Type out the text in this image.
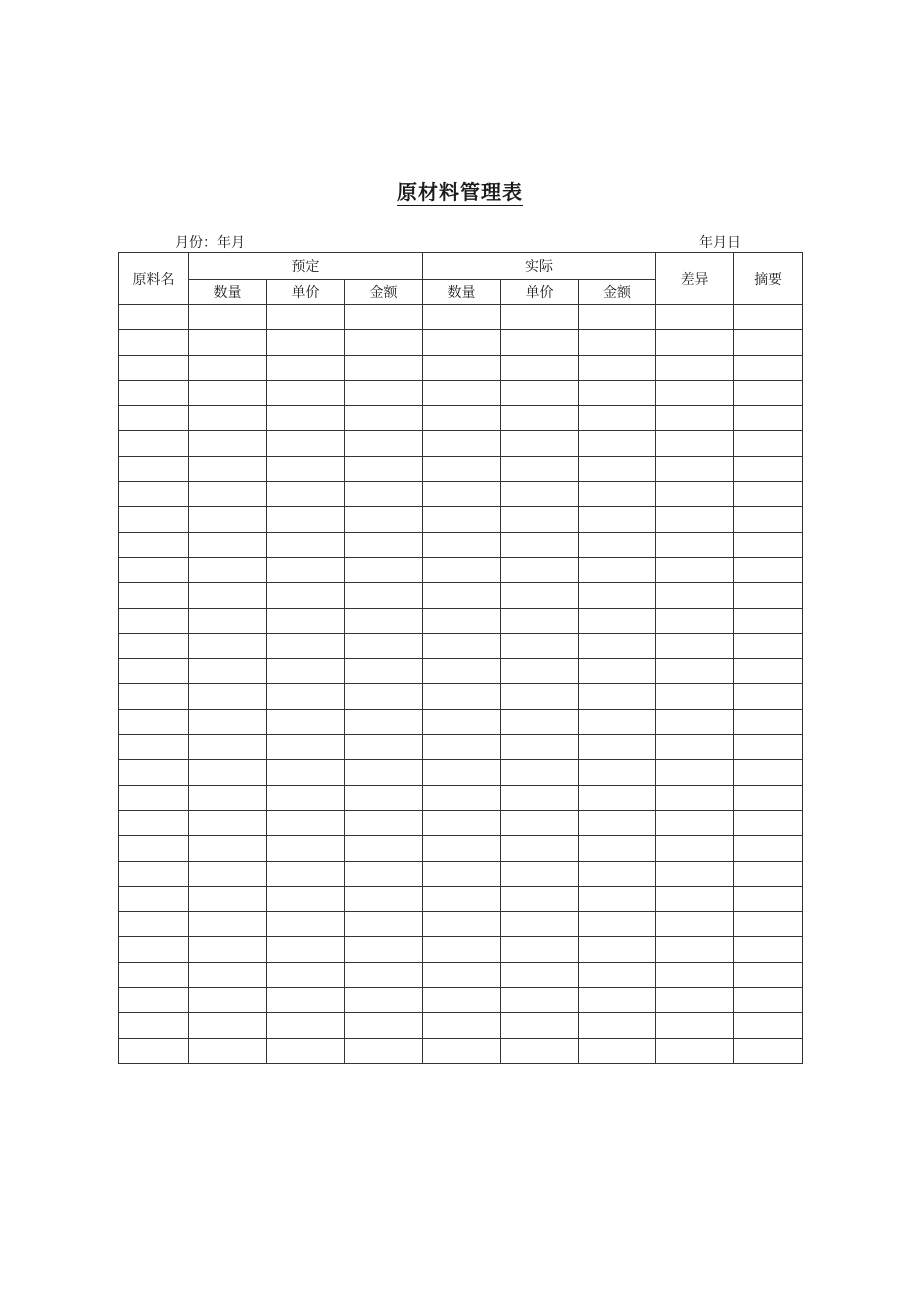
原材料管理表
月份：年月	年月日
原料名	预定			实际			差异	摘要
	数量	单价	金额	数量	单价	金额		
